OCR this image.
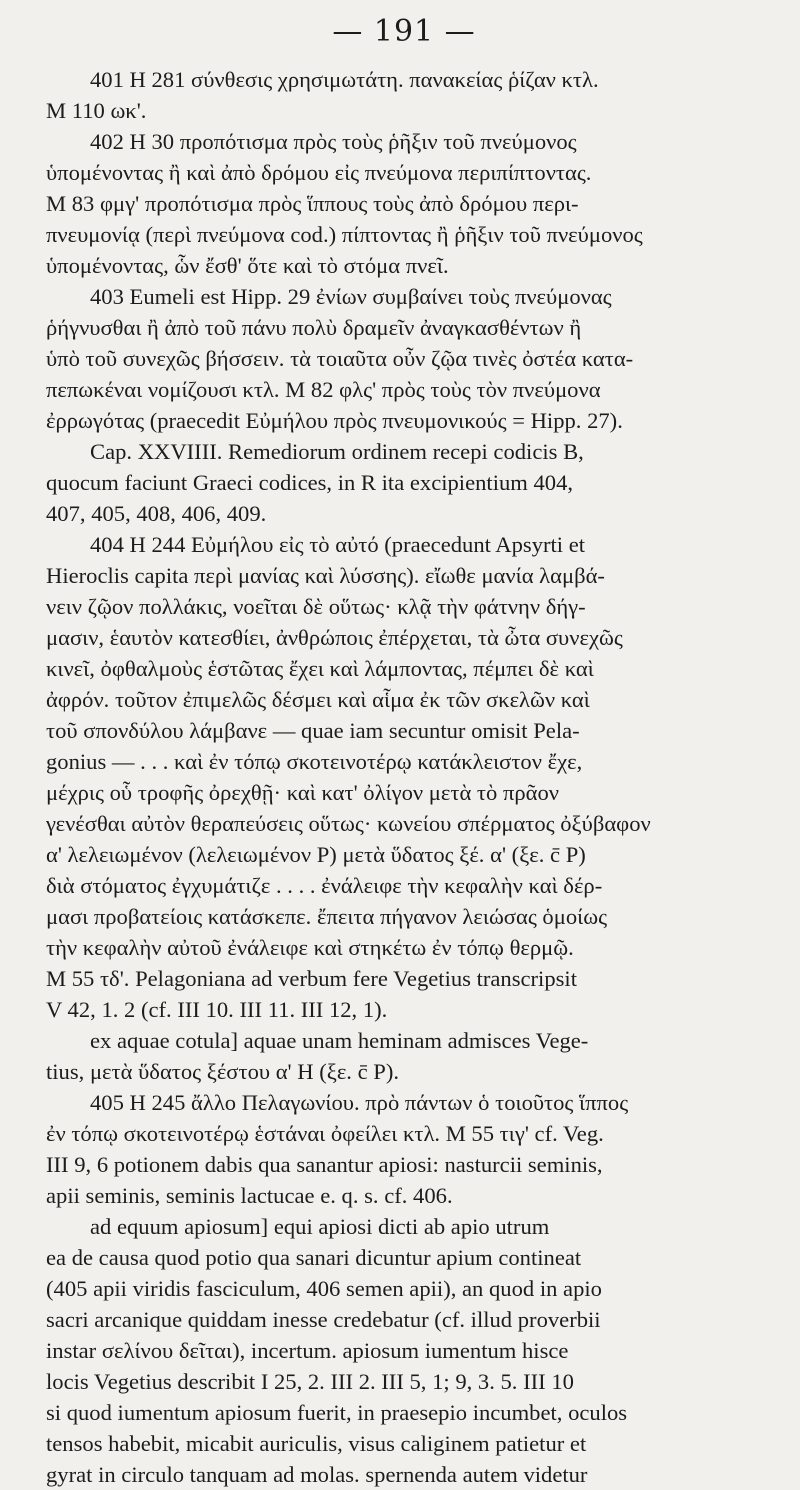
— 191 —
401 Η 281 σύνθεσις χρησιμωτάτη. πανακείας ῥίζαν κτλ.
Μ 110 ωκ'.
402 Η 30 προπότισμα πρὸς τοὺς ῥῆξιν τοῦ πνεύμονος
ὑπομένοντας ἢ καὶ ἀπὸ δρόμου εἰς πνεύμονα περιπίπτοντας.
Μ 83 φμγ' προπότισμα πρὸς ἵππους τοὺς ἀπὸ δρόμου περι-
πνευμονίᾳ (περὶ πνεύμονα cod.) πίπτοντας ἢ ῥῆξιν τοῦ πνεύμονος
ὑπομένοντας, ὧν ἔσθ' ὅτε καὶ τὸ στόμα πνεῖ.
403 Eumeli est Hipp. 29 ἐνίων συμβαίνει τοὺς πνεύμονας
ῥήγνυσθαι ἢ ἀπὸ τοῦ πάνυ πολὺ δραμεῖν ἀναγκασθέντων ἢ
ὑπὸ τοῦ συνεχῶς βήσσειν. τὰ τοιαῦτα οὖν ζῷα τινὲς ὀστέα κατα-
πεπωκέναι νομίζουσι κτλ. Μ 82 φλς' πρὸς τοὺς τὸν πνεύμονα
ἐρρωγότας (praecedit Εὐμήλου πρὸς πνευμονικούς = Hipp. 27).
Cap. XXVIIII. Remediorum ordinem recepi codicis B,
quocum faciunt Graeci codices, in R ita excipientium 404,
407, 405, 408, 406, 409.
404 Η 244 Εὐμήλου εἰς τὸ αὐτό (praecedunt Apsyrti et
Hieroclis capita περὶ μανίας καὶ λύσσης). εἴωθε μανία λαμβά-
νειν ζῷον πολλάκις, νοεῖται δὲ οὕτως· κλᾷ τὴν φάτνην δήγ-
μασιν, ἑαυτὸν κατεσθίει, ἀνθρώποις ἐπέρχεται, τὰ ὦτα συνεχῶς
κινεῖ, ὀφθαλμοὺς ἑστῶτας ἔχει καὶ λάμποντας, πέμπει δὲ καὶ
ἀφρόν. τοῦτον ἐπιμελῶς δέσμει καὶ αἷμα ἐκ τῶν σκελῶν καὶ
τοῦ σπονδύλου λάμβανε — quae iam secuntur omisit Pela-
gonius — . . . καὶ ἐν τόπῳ σκοτεινοτέρῳ κατάκλειστον ἔχε,
μέχρις οὗ τροφῆς ὀρεχθῇ· καὶ κατ' ὀλίγον μετὰ τὸ πρᾶον
γενέσθαι αὐτὸν θεραπεύσεις οὕτως· κωνείου σπέρματος ὀξύβαφον
α' λελειωμένον (λελειωμένον P) μετὰ ὕδατος ξέ. α' (ξε. c̄ P)
διὰ στόματος ἐγχυμάτιζε . . . . ἐνάλειφε τὴν κεφαλὴν καὶ δέρ-
μασι προβατείοις κατάσκεπε. ἔπειτα πήγανον λειώσας ὁμοίως
τὴν κεφαλὴν αὐτοῦ ἐνάλειφε καὶ στηκέτω ἐν τόπῳ θερμῷ.
Μ 55 τδ'. Pelagoniana ad verbum fere Vegetius transcripsit
V 42, 1. 2 (cf. III 10. III 11. III 12, 1).
ex aquae cotula] aquae unam heminam admisces Vege-
tius, μετὰ ὕδατος ξέστου α' Η (ξε. c̄ P).
405 Η 245 ἄλλο Πελαγωνίου. πρὸ πάντων ὁ τοιοῦτος ἵππος
ἐν τόπῳ σκοτεινοτέρῳ ἑστάναι ὀφείλει κτλ. Μ 55 τιγ' cf. Veg.
III 9, 6 potionem dabis qua sanantur apiosi: nasturcii seminis,
apii seminis, seminis lactucae e. q. s. cf. 406.
ad equum apiosum] equi apiosi dicti ab apio utrum
ea de causa quod potio qua sanari dicuntur apium contineat
(405 apii viridis fasciculum, 406 semen apii), an quod in apio
sacri arcanique quiddam inesse credebatur (cf. illud proverbii
instar σελίνου δεῖται), incertum. apiosum iumentum hisce
locis Vegetius describit I 25, 2. III 2. III 5, 1; 9, 3. 5. III 10
si quod iumentum apiosum fuerit, in praesepio incumbet, oculos
tensos habebit, micabit auriculis, visus caliginem patietur et
gyrat in circulo tanquam ad molas. spernenda autem videtur
